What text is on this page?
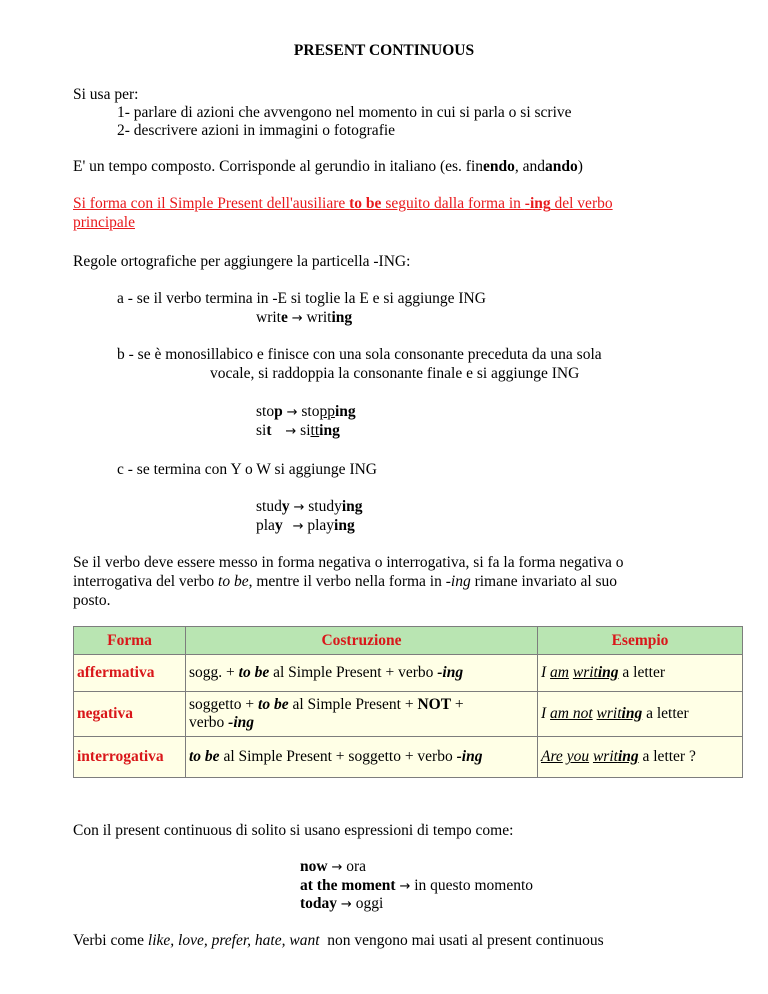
PRESENT CONTINUOUS
Si usa per:
1- parlare di azioni che avvengono nel momento in cui si parla o si scrive
2- descrivere azioni in immagini o fotografie
E' un tempo composto. Corrisponde al gerundio in italiano (es. finendo, andando)
Si forma con il Simple Present dell'ausiliare to be seguito dalla forma in -ing del verbo
principale
Regole ortografiche per aggiungere la particella -ING:
a - se il verbo termina in -E si toglie la E e si aggiunge ING
write → writing
b - se è monosillabico e finisce con una sola consonante preceduta da una sola
vocale, si raddoppia la consonante finale e si aggiunge ING
stop → stopping
sit → sitting
c - se termina con Y o W si aggiunge ING
study → studying
play → playing
Se il verbo deve essere messo in forma negativa o interrogativa, si fa la forma negativa o
interrogativa del verbo to be, mentre il verbo nella forma in -ing rimane invariato al suo
posto.
Forma	Costruzione	Esempio
affermativa	sogg. + to be al Simple Present + verbo -ing	I am writing a letter
negativa	soggetto + to be al Simple Present + NOT +
verbo -ing	I am not writing a letter
interrogativa	to be al Simple Present + soggetto + verbo -ing	Are you writing a letter ?
Con il present continuous di solito si usano espressioni di tempo come:
now → ora
at the moment → in questo momento
today → oggi
Verbi come like, love, prefer, hate, want  non vengono mai usati al present continuous
